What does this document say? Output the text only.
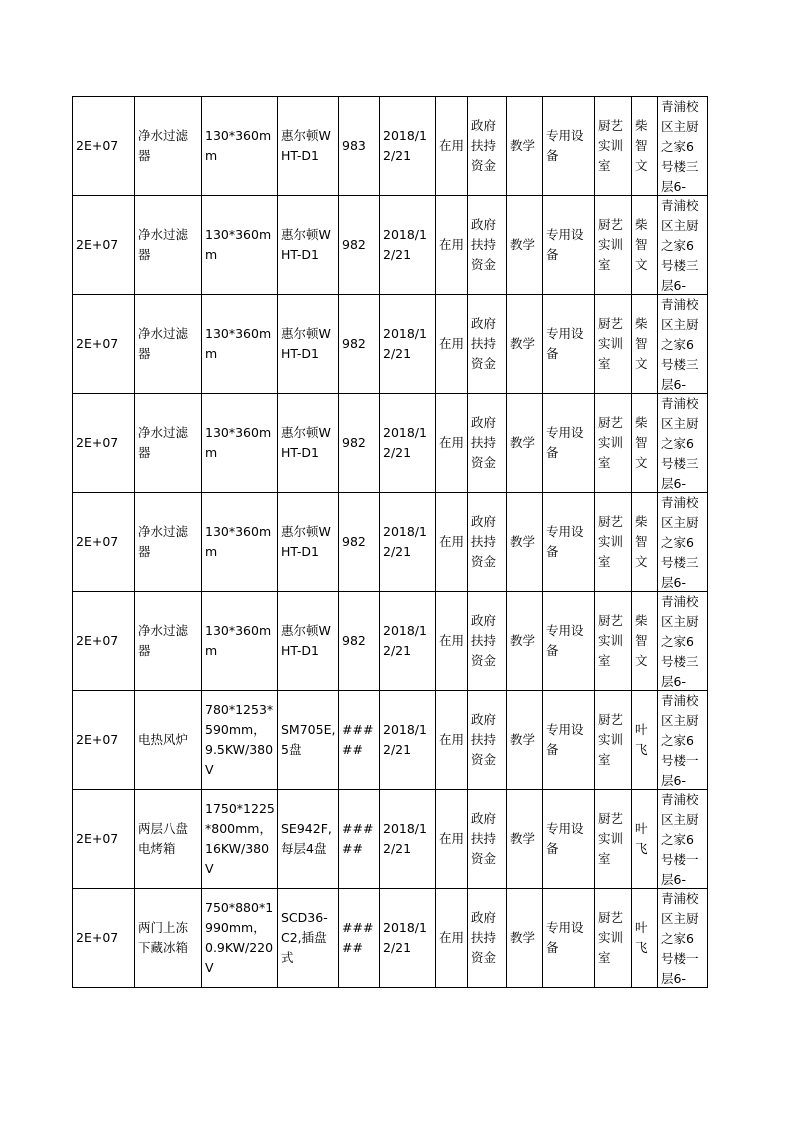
2E+07	净水过滤器	130*360mm	惠尔顿WHT-D1	983	2018/12/21	在用	政府扶持资金	教学	专用设备	厨艺实训室	柴智文	青浦校区主厨之家6号楼三层6-

2E+07	净水过滤器	130*360mm	惠尔顿WHT-D1	982	2018/12/21	在用	政府扶持资金	教学	专用设备	厨艺实训室	柴智文	青浦校区主厨之家6号楼三层6-

2E+07	净水过滤器	130*360mm	惠尔顿WHT-D1	982	2018/12/21	在用	政府扶持资金	教学	专用设备	厨艺实训室	柴智文	青浦校区主厨之家6号楼三层6-

2E+07	净水过滤器	130*360mm	惠尔顿WHT-D1	982	2018/12/21	在用	政府扶持资金	教学	专用设备	厨艺实训室	柴智文	青浦校区主厨之家6号楼三层6-

2E+07	净水过滤器	130*360mm	惠尔顿WHT-D1	982	2018/12/21	在用	政府扶持资金	教学	专用设备	厨艺实训室	柴智文	青浦校区主厨之家6号楼三层6-

2E+07	净水过滤器	130*360mm	惠尔顿WHT-D1	982	2018/12/21	在用	政府扶持资金	教学	专用设备	厨艺实训室	柴智文	青浦校区主厨之家6号楼三层6-

2E+07	电热风炉	780*1253*590mm，9.5KW/380V	SM705E,5盘	#####	2018/12/21	在用	政府扶持资金	教学	专用设备	厨艺实训室	叶飞	青浦校区主厨之家6号楼一层6-

2E+07	两层八盘电烤箱	1750*1225*800mm，16KW/380V	SE942F,每层4盘	#####	2018/12/21	在用	政府扶持资金	教学	专用设备	厨艺实训室	叶飞	青浦校区主厨之家6号楼一层6-

2E+07	两门上冻下藏冰箱	750*880*1990mm，0.9KW/220V	SCD36-C2,插盘式	#####	2018/12/21	在用	政府扶持资金	教学	专用设备	厨艺实训室	叶飞	青浦校区主厨之家6号楼一层6-
